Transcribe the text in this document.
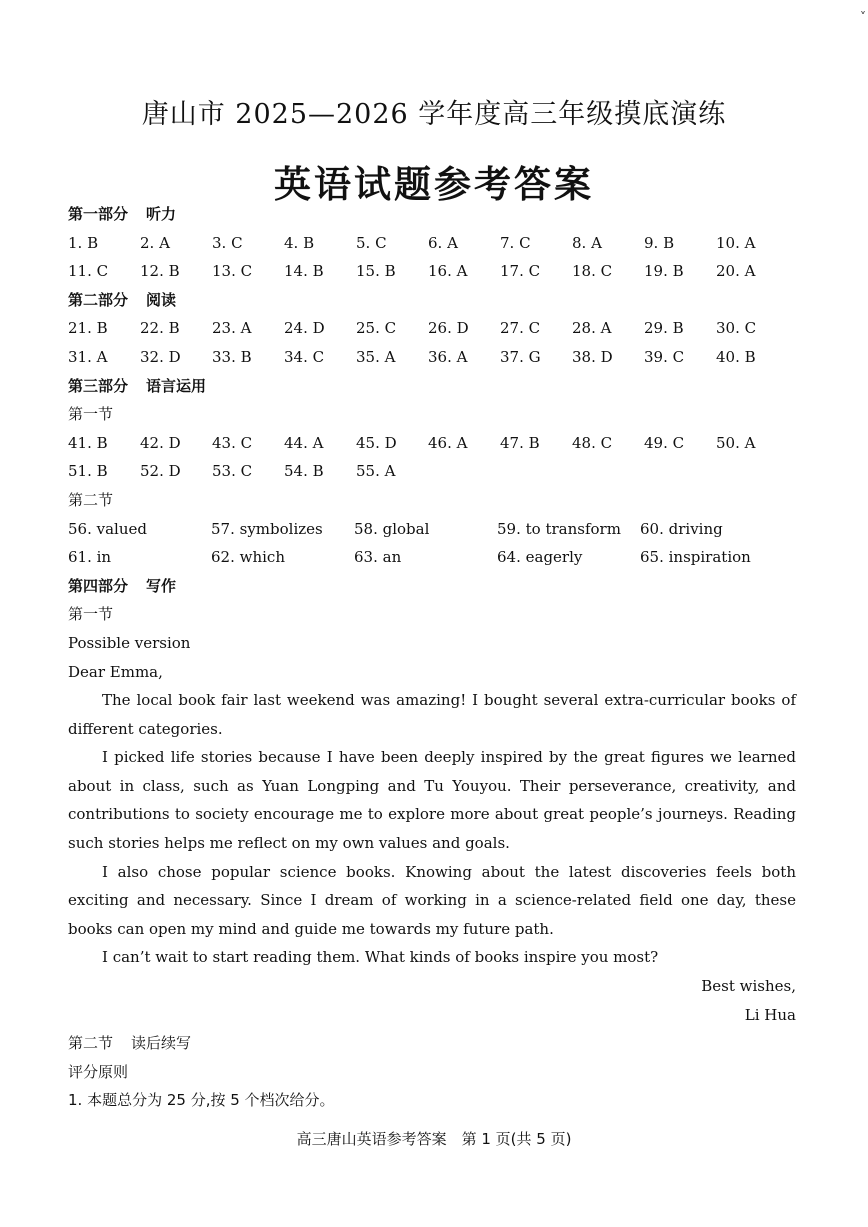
˅
唐山市 2025—2026 学年度高三年级摸底演练
英语试题参考答案
第一部分 听力
1. B	2. A	3. C	4. B	5. C	6. A	7. C	8. A	9. B	10. A
11. C	12. B	13. C	14. B	15. B	16. A	17. C	18. C	19. B	20. A
第二部分 阅读
21. B	22. B	23. A	24. D	25. C	26. D	27. C	28. A	29. B	30. C
31. A	32. D	33. B	34. C	35. A	36. A	37. G	38. D	39. C	40. B
第三部分 语言运用
第一节
41. B	42. D	43. C	44. A	45. D	46. A	47. B	48. C	49. C	50. A
51. B	52. D	53. C	54. B	55. A
第二节
56. valued	57. symbolizes	58. global	59. to transform	60. driving
61. in	62. which	63. an	64. eagerly	65. inspiration
第四部分 写作
第一节
Possible version
Dear Emma,
The local book fair last weekend was amazing! I bought several extra-curricular books of different categories.
I picked life stories because I have been deeply inspired by the great figures we learned about in class, such as Yuan Longping and Tu Youyou. Their perseverance, creativity, and contributions to society encourage me to explore more about great people’s journeys. Reading such stories helps me reflect on my own values and goals.
I also chose popular science books. Knowing about the latest discoveries feels both exciting and necessary. Since I dream of working in a science-related field one day, these books can open my mind and guide me towards my future path.
I can’t wait to start reading them. What kinds of books inspire you most?
Best wishes,
Li Hua
第二节 读后续写
评分原则
1. 本题总分为 25 分,按 5 个档次给分。
高三唐山英语参考答案　第 1 页(共 5 页)
